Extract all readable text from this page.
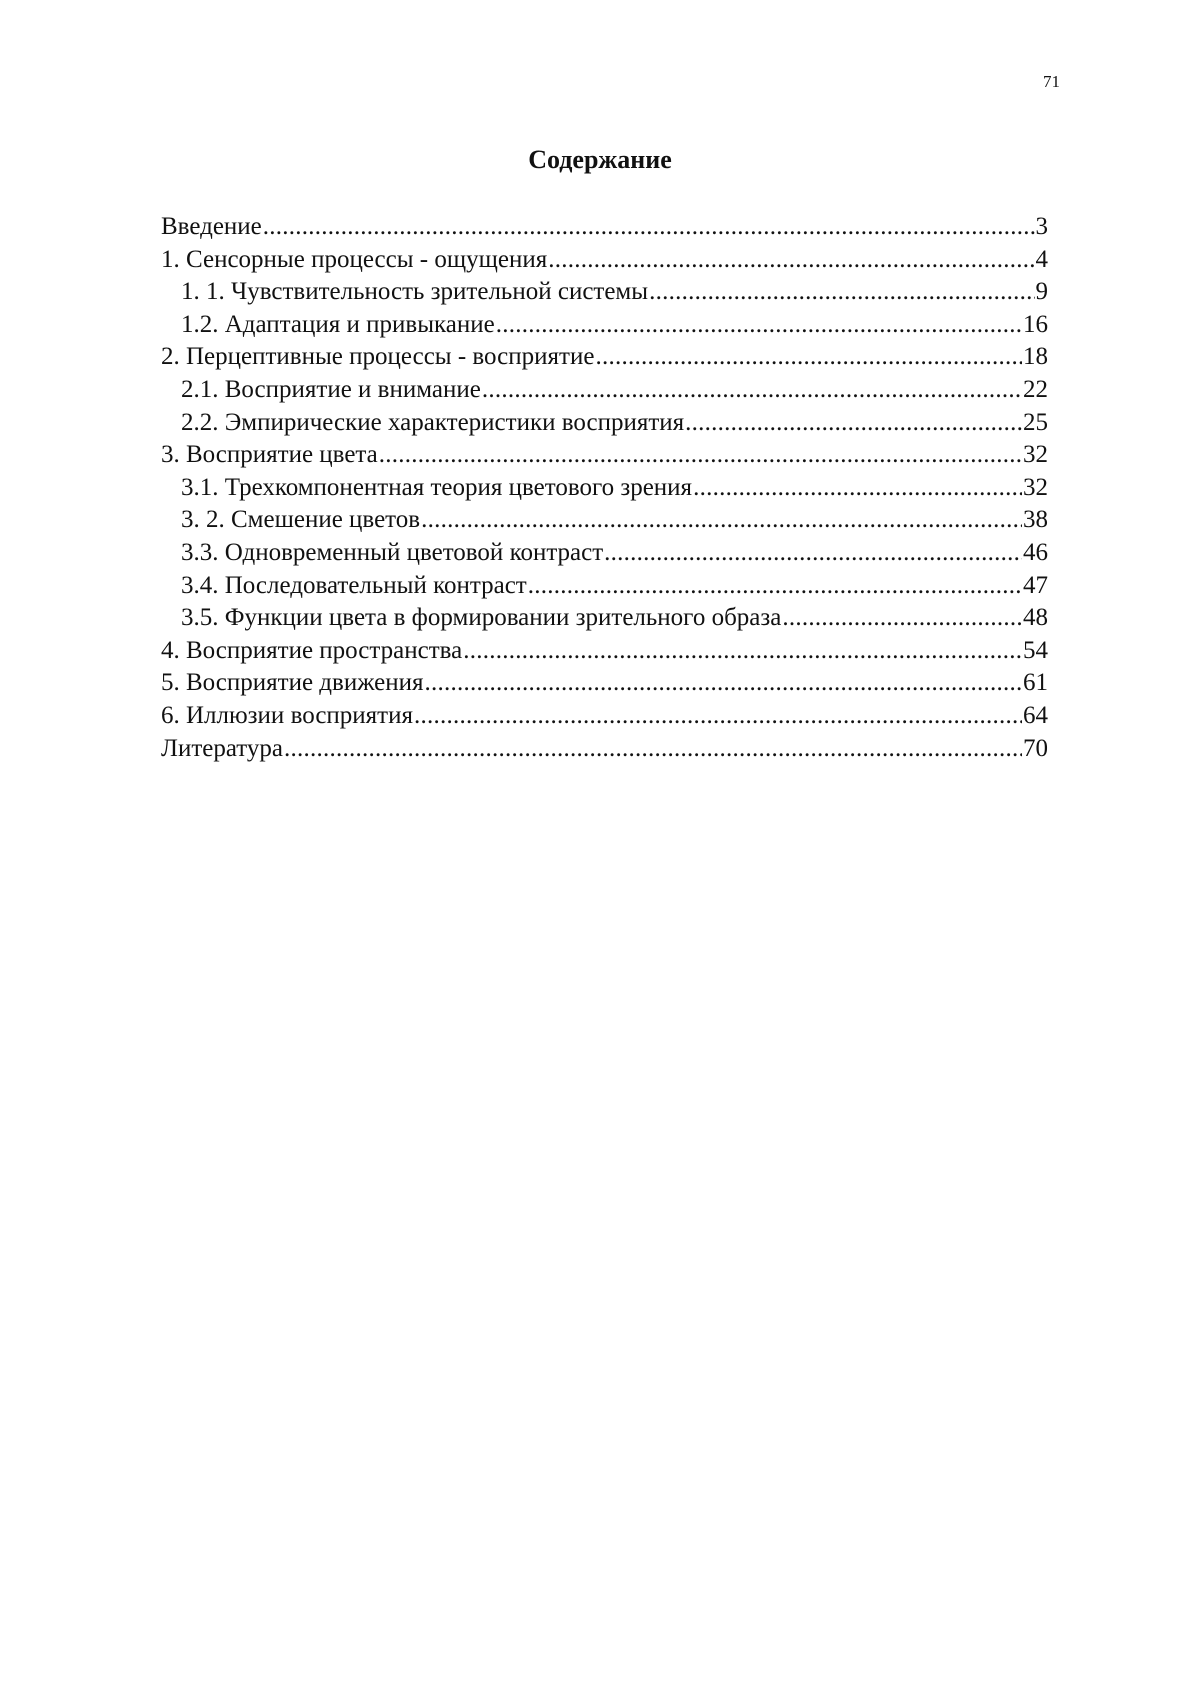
71
Содержание
Введение . . .	3
1. Сенсорные процессы - ощущения . . .	4
1. 1. Чувствительность зрительной системы . . .	9
1.2. Адаптация и привыкание . . .	16
2. Перцептивные процессы - восприятие . . .	18
2.1. Восприятие и внимание . . .	22
2.2. Эмпирические характеристики восприятия . . .	25
3. Восприятие цвета . . .	32
3.1. Трехкомпонентная теория цветового зрения . . .	32
3. 2. Смешение цветов . . .	38
3.3. Одновременный цветовой контраст . . .	46
3.4. Последовательный контраст . . .	47
3.5. Функции цвета в формировании зрительного образа . . .	48
4. Восприятие пространства . . .	54
5. Восприятие движения . . .	61
6. Иллюзии восприятия . . .	64
Литература . . .	70
